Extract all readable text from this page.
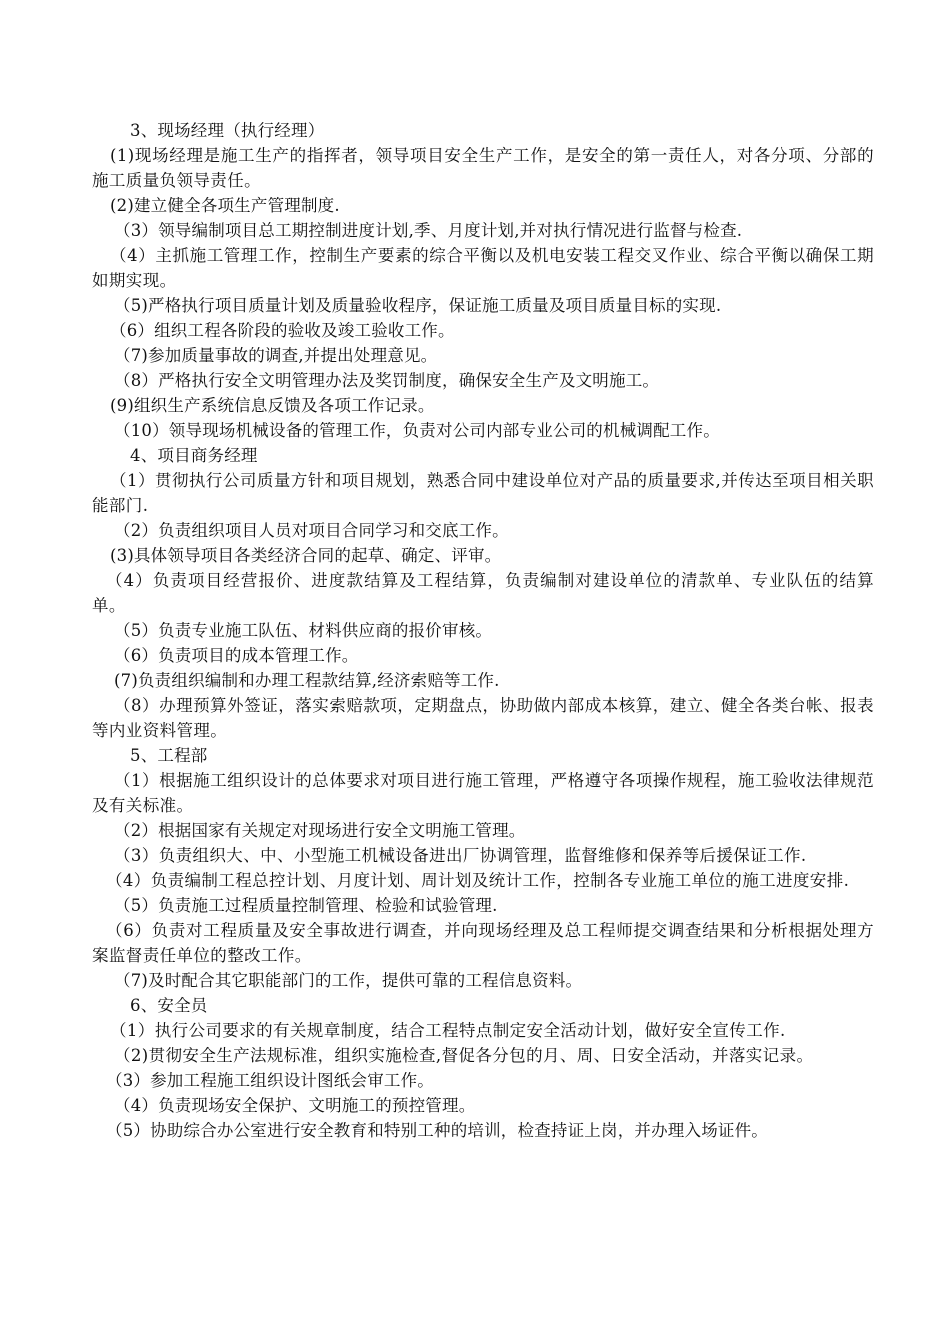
3、现场经理（执行经理）
(1)现场经理是施工生产的指挥者，领导项目安全生产工作，是安全的第一责任人，对各分项、分部的施工质量负领导责任。
(2)建立健全各项生产管理制度.
（3）领导编制项目总工期控制进度计划,季、月度计划,并对执行情况进行监督与检查.
（4）主抓施工管理工作，控制生产要素的综合平衡以及机电安装工程交叉作业、综合平衡以确保工期如期实现。
（5)严格执行项目质量计划及质量验收程序，保证施工质量及项目质量目标的实现.
（6）组织工程各阶段的验收及竣工验收工作。
（7)参加质量事故的调查,并提出处理意见。
（8）严格执行安全文明管理办法及奖罚制度，确保安全生产及文明施工。
(9)组织生产系统信息反馈及各项工作记录。
（10）领导现场机械设备的管理工作，负责对公司内部专业公司的机械调配工作。
4、项目商务经理
（1）贯彻执行公司质量方针和项目规划，熟悉合同中建设单位对产品的质量要求,并传达至项目相关职能部门.
（2）负责组织项目人员对项目合同学习和交底工作。
(3)具体领导项目各类经济合同的起草、确定、评审。
（4）负责项目经营报价、进度款结算及工程结算，负责编制对建设单位的清款单、专业队伍的结算单。
（5）负责专业施工队伍、材料供应商的报价审核。
（6）负责项目的成本管理工作。
(7)负责组织编制和办理工程款结算,经济索赔等工作.
（8）办理预算外签证，落实索赔款项，定期盘点，协助做内部成本核算，建立、健全各类台帐、报表等内业资料管理。
5、工程部
（1）根据施工组织设计的总体要求对项目进行施工管理，严格遵守各项操作规程，施工验收法律规范及有关标准。
（2）根据国家有关规定对现场进行安全文明施工管理。
（3）负责组织大、中、小型施工机械设备进出厂协调管理，监督维修和保养等后援保证工作.
（4）负责编制工程总控计划、月度计划、周计划及统计工作，控制各专业施工单位的施工进度安排.
（5）负责施工过程质量控制管理、检验和试验管理.
（6）负责对工程质量及安全事故进行调查，并向现场经理及总工程师提交调查结果和分析根据处理方案监督责任单位的整改工作。
（7)及时配合其它职能部门的工作，提供可靠的工程信息资料。
6、安全员
（1）执行公司要求的有关规章制度，结合工程特点制定安全活动计划，做好安全宣传工作.
（2)贯彻安全生产法规标准，组织实施检查,督促各分包的月、周、日安全活动，并落实记录。
（3）参加工程施工组织设计图纸会审工作。
（4）负责现场安全保护、文明施工的预控管理。
（5）协助综合办公室进行安全教育和特别工种的培训，检查持证上岗，并办理入场证件。
